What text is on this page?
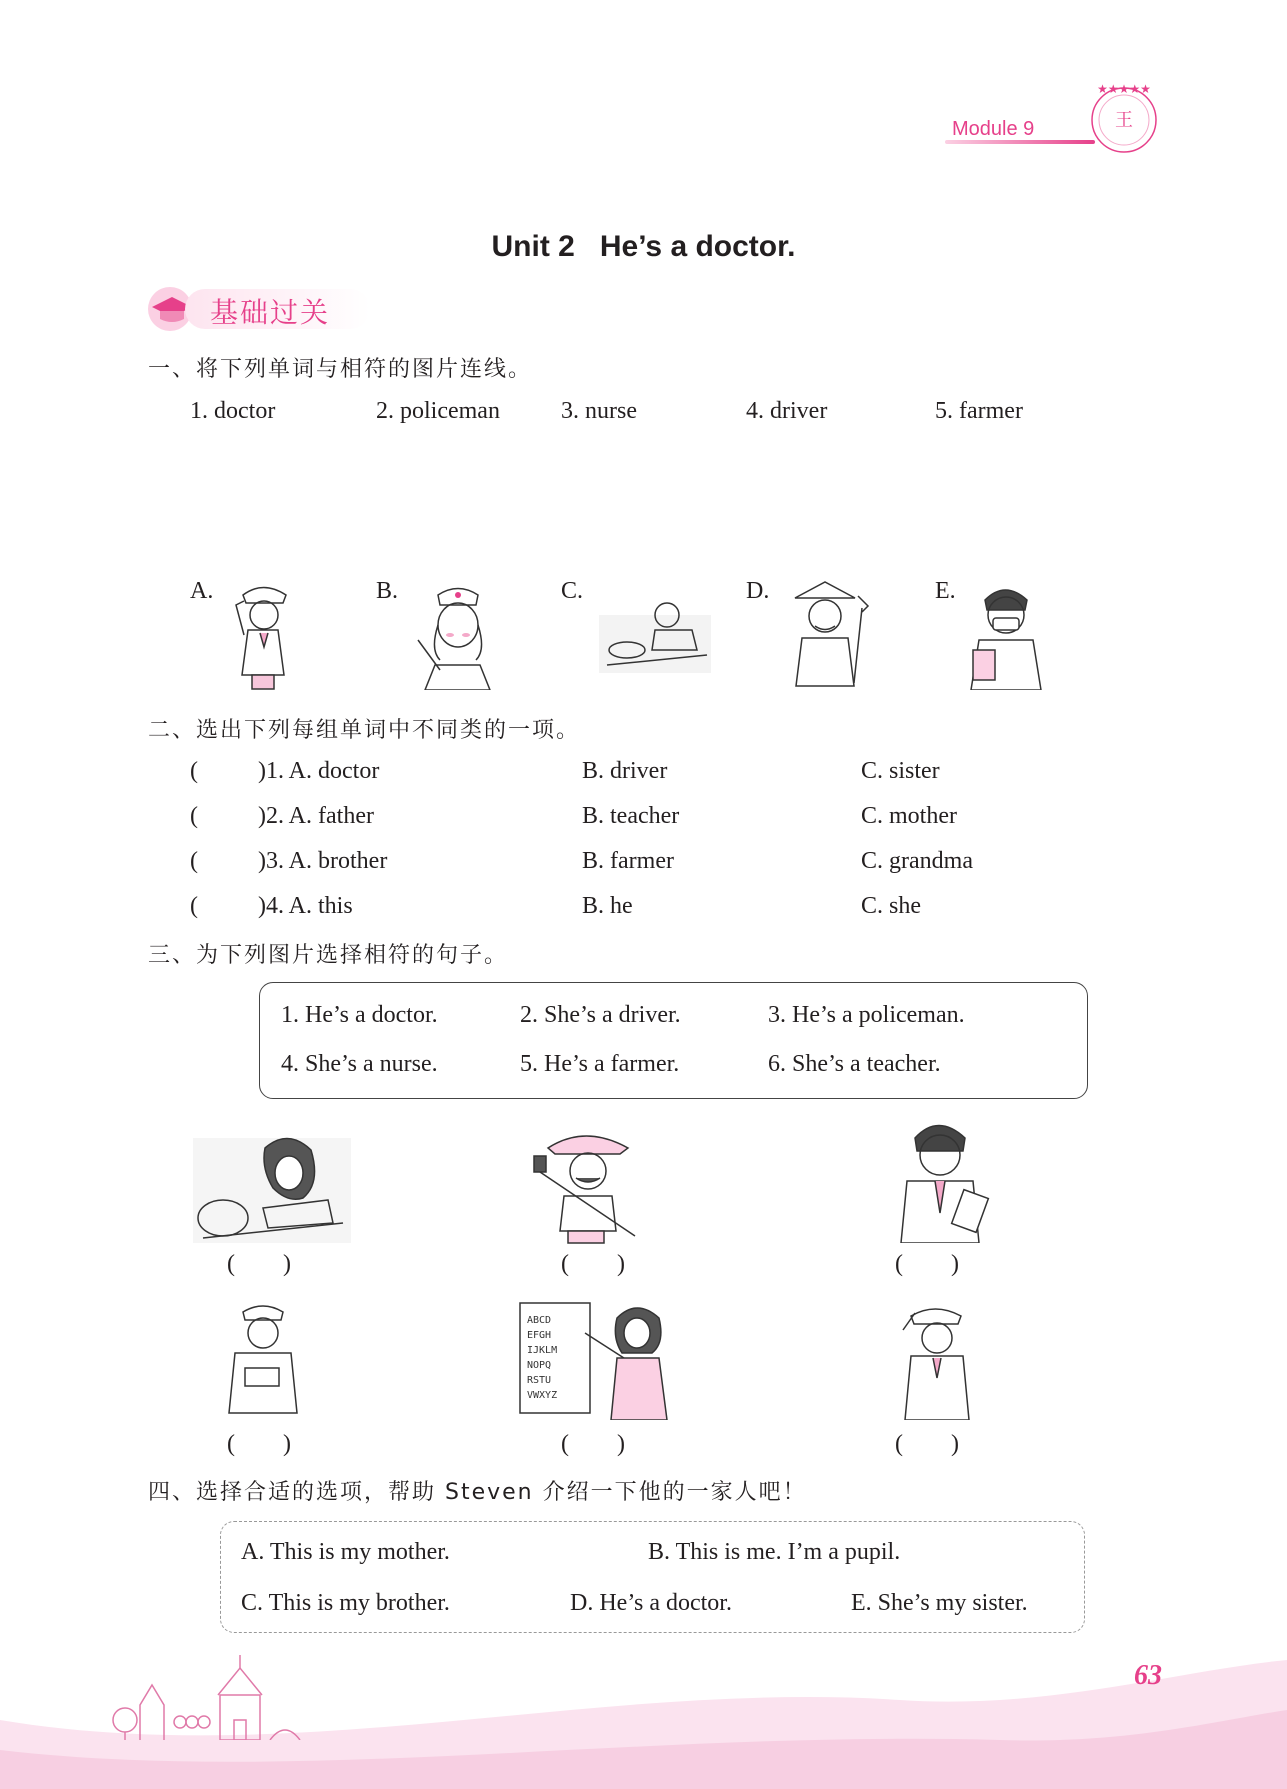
Module 9
★★★★★
王
Unit 2   He’s a doctor.
基础过关
一、将下列单词与相符的图片连线。
1. doctor	2. policeman	3. nurse	4. driver	5. farmer
A.	B.	C.	D.	E.
二、选出下列每组单词中不同类的一项。
(	)1. A. doctor	B. driver	C. sister
(	)2. A. father	B. teacher	C. mother
(	)3. A. brother	B. farmer	C. grandma
(	)4. A. this	B. he	C. she
三、为下列图片选择相符的句子。
1. He’s a doctor.	2. She’s a driver.	3. He’s a policeman.
4. She’s a nurse.	5. He’s a farmer.	6. She’s a teacher.
(        )	(        )	(        )
ABCD
EFGH
IJKLM
NOPQ
RSTU
VWXYZ
(        )	(        )	(        )
四、选择合适的选项，帮助 Steven 介绍一下他的一家人吧！
A. This is my mother.	B. This is me. I’m a pupil.
C. This is my brother.	D. He’s a doctor.	E. She’s my sister.
63
